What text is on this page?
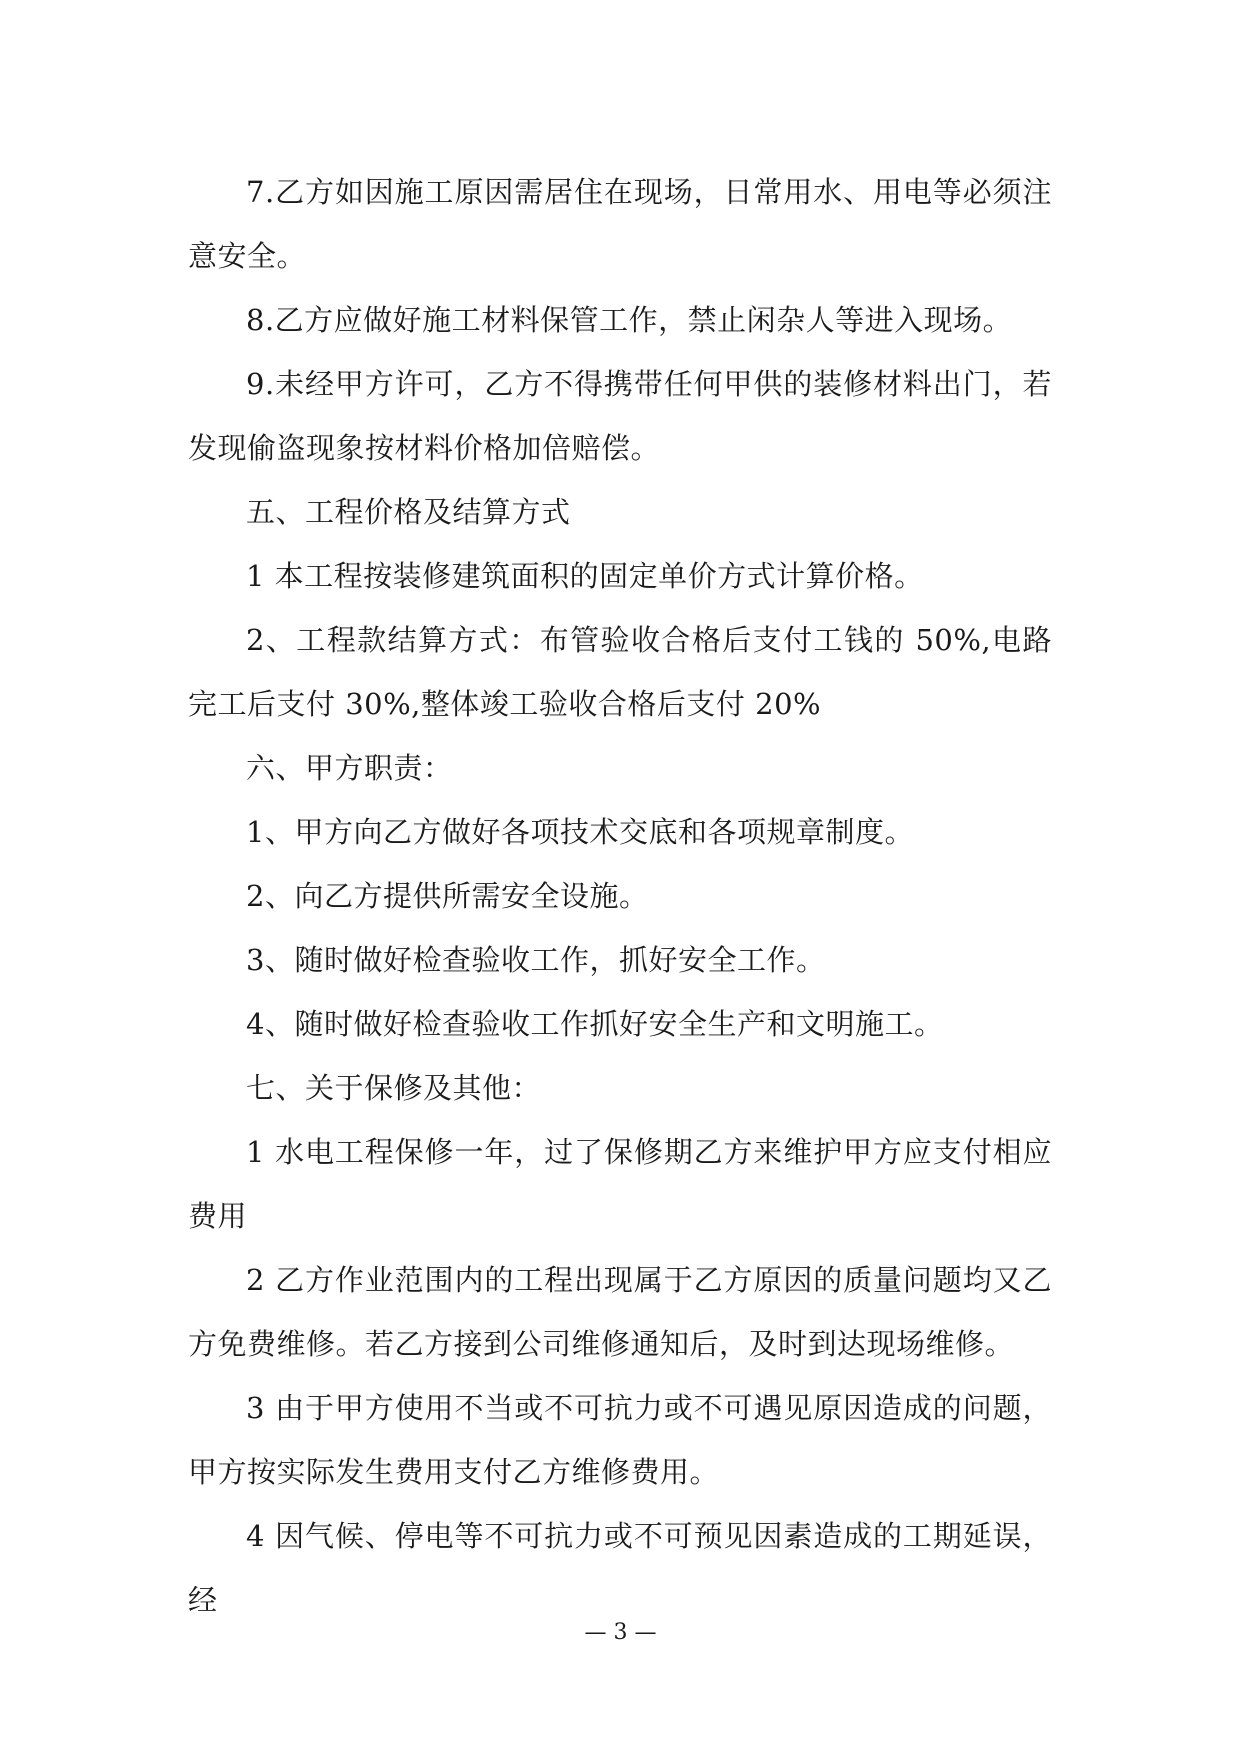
7.乙方如因施工原因需居住在现场，日常用水、用电等必须注意安全。

8.乙方应做好施工材料保管工作，禁止闲杂人等进入现场。

9.未经甲方许可，乙方不得携带任何甲供的装修材料出门，若发现偷盗现象按材料价格加倍赔偿。

五、工程价格及结算方式

1 本工程按装修建筑面积的固定单价方式计算价格。

2、工程款结算方式：布管验收合格后支付工钱的 50%,电路完工后支付 30%,整体竣工验收合格后支付 20%

六、甲方职责：

1、甲方向乙方做好各项技术交底和各项规章制度。

2、向乙方提供所需安全设施。

3、随时做好检查验收工作，抓好安全工作。

4、随时做好检查验收工作抓好安全生产和文明施工。

七、关于保修及其他：

1 水电工程保修一年，过了保修期乙方来维护甲方应支付相应费用

2 乙方作业范围内的工程出现属于乙方原因的质量问题均又乙方免费维修。若乙方接到公司维修通知后，及时到达现场维修。

3 由于甲方使用不当或不可抗力或不可遇见原因造成的问题，甲方按实际发生费用支付乙方维修费用。

4 因气候、停电等不可抗力或不可预见因素造成的工期延误，经

— 3 —
